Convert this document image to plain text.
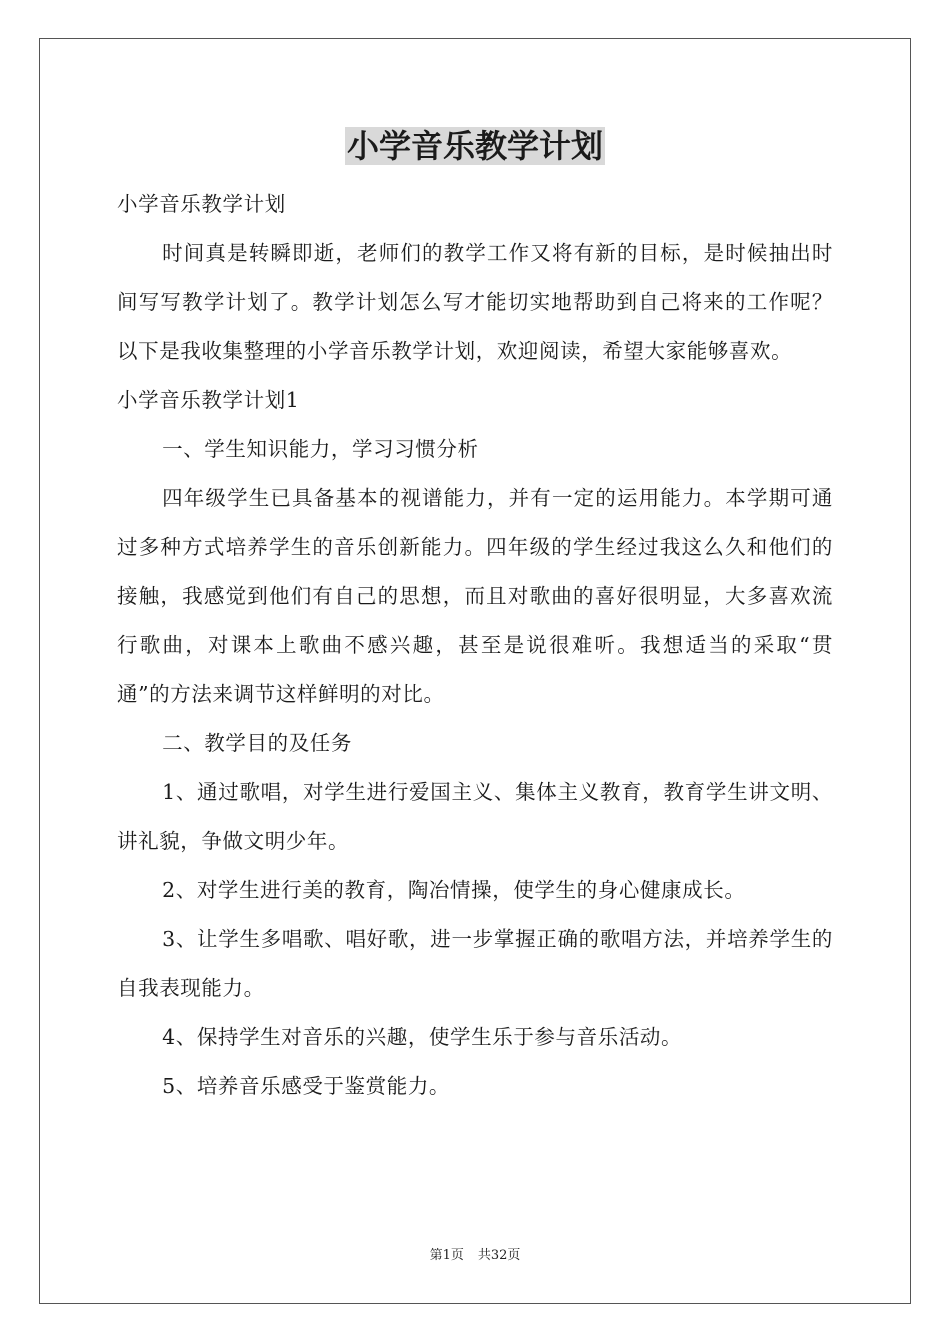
小学音乐教学计划

小学音乐教学计划

时间真是转瞬即逝，老师们的教学工作又将有新的目标，是时候抽出时间写写教学计划了。教学计划怎么写才能切实地帮助到自己将来的工作呢？以下是我收集整理的小学音乐教学计划，欢迎阅读，希望大家能够喜欢。

小学音乐教学计划1

一、学生知识能力，学习习惯分析

四年级学生已具备基本的视谱能力，并有一定的运用能力。本学期可通过多种方式培养学生的音乐创新能力。四年级的学生经过我这么久和他们的接触，我感觉到他们有自己的思想，而且对歌曲的喜好很明显，大多喜欢流行歌曲，对课本上歌曲不感兴趣，甚至是说很难听。我想适当的采取“贯通”的方法来调节这样鲜明的对比。

二、教学目的及任务

1、通过歌唱，对学生进行爱国主义、集体主义教育，教育学生讲文明、讲礼貌，争做文明少年。

2、对学生进行美的教育，陶冶情操，使学生的身心健康成长。

3、让学生多唱歌、唱好歌，进一步掌握正确的歌唱方法，并培养学生的自我表现能力。

4、保持学生对音乐的兴趣，使学生乐于参与音乐活动。

5、培养音乐感受于鉴赏能力。

第1页 共32页
